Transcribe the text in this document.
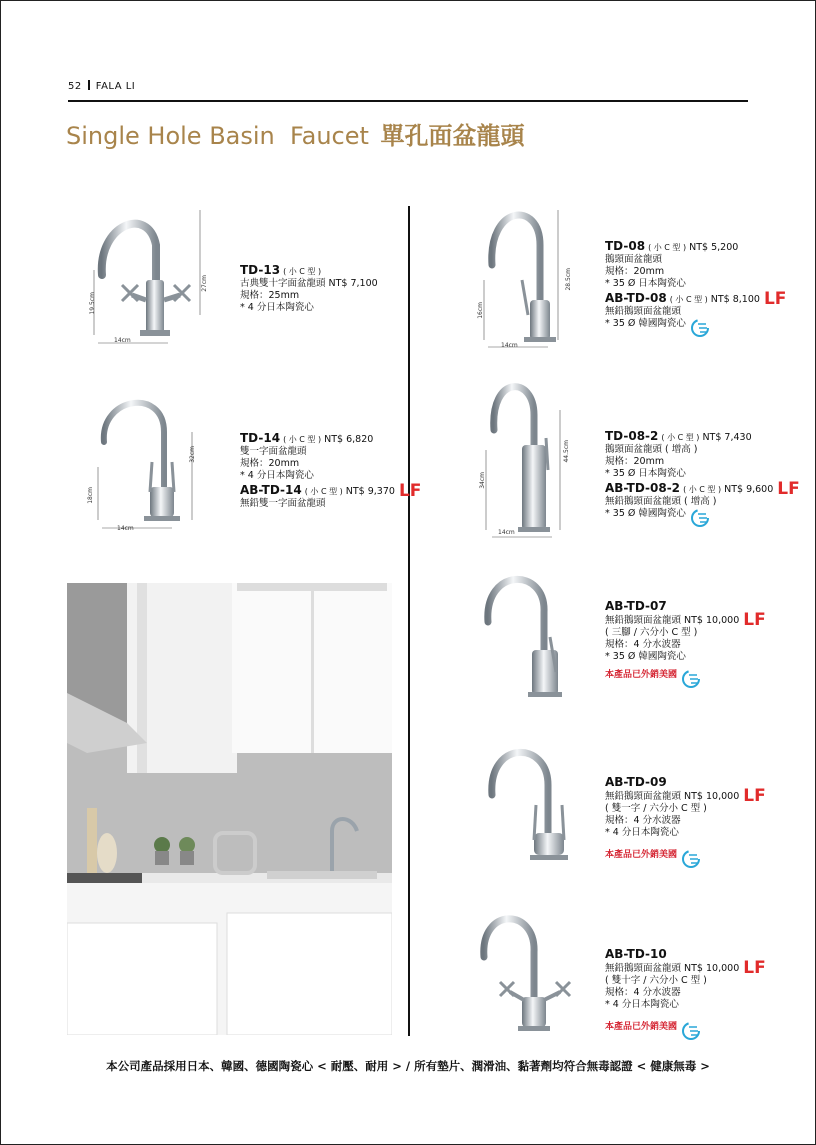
52 FALA LI
Single Hole Basin  Faucet 單孔面盆龍頭
27cm
19.5cm
14cm
TD-13 ( 小 C 型 )
古典雙十字面盆龍頭 NT$ 7,100
規格：25mm
* 4 分日本陶瓷心
32cm
18cm
14cm
TD-14 ( 小 C 型 ) NT$ 6,820
雙一字面盆龍頭
規格：20mm
* 4 分日本陶瓷心
AB-TD-14 ( 小 C 型 ) NT$ 9,370 LF
無鉛雙一字面盆龍頭
28.5cm
16cm
14cm
TD-08 ( 小 C 型 ) NT$ 5,200
鵝頸面盆龍頭
規格：20mm
* 35 Ø 日本陶瓷心
AB-TD-08 ( 小 C 型 ) NT$ 8,100 LF
無鉛鵝頸面盆龍頭
* 35 Ø 韓國陶瓷心
44.5cm
34cm
14cm
TD-08-2 ( 小 C 型 ) NT$ 7,430
鵝頸面盆龍頭 ( 增高 )
規格：20mm
* 35 Ø 日本陶瓷心
AB-TD-08-2 ( 小 C 型 ) NT$ 9,600 LF
無鉛鵝頸面盆龍頭 ( 增高 )
* 35 Ø 韓國陶瓷心
AB-TD-07
無鉛鵝頸面盆龍頭 NT$ 10,000 LF
( 三腳 / 六分小 C 型 )
規格：4 分水波器
* 35 Ø 韓國陶瓷心
本產品已外銷美國
AB-TD-09
無鉛鵝頸面盆龍頭 NT$ 10,000 LF
( 雙一字 / 六分小 C 型 )
規格：4 分水波器
* 4 分日本陶瓷心
本產品已外銷美國
AB-TD-10
無鉛鵝頸面盆龍頭 NT$ 10,000 LF
( 雙十字 / 六分小 C 型 )
規格：4 分水波器
* 4 分日本陶瓷心
本產品已外銷美國
本公司產品採用日本、韓國、德國陶瓷心 < 耐壓、耐用 > / 所有墊片、潤滑油、黏著劑均符合無毒認證 < 健康無毒 >
